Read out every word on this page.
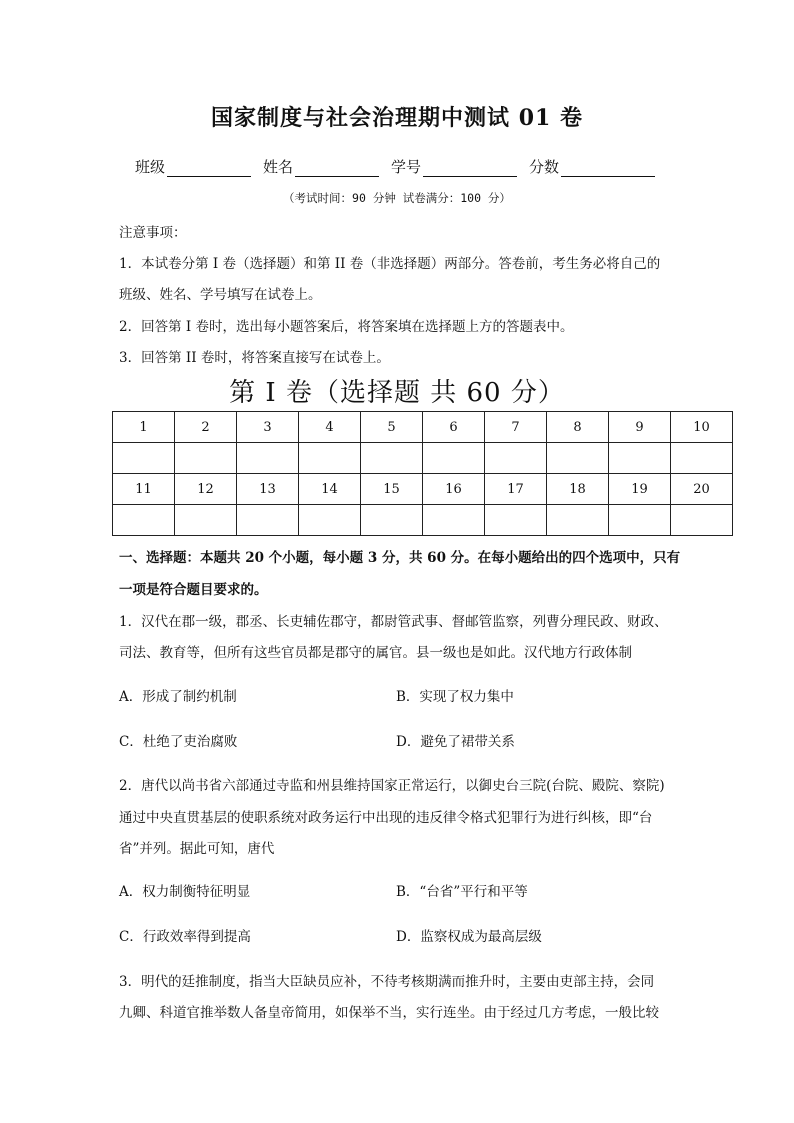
国家制度与社会治理期中测试 01 卷
班级	姓名	学号	分数
（考试时间：90 分钟 试卷满分：100 分）
注意事项：
1．本试卷分第 I 卷（选择题）和第 II 卷（非选择题）两部分。答卷前，考生务必将自己的
班级、姓名、学号填写在试卷上。
2．回答第 I 卷时，选出每小题答案后，将答案填在选择题上方的答题表中。
3．回答第 II 卷时，将答案直接写在试卷上。
第 I 卷（选择题 共 60 分）
1	2	3	4	5	6	7	8	9	10

11	12	13	14	15	16	17	18	19	20

一、选择题：本题共 20 个小题，每小题 3 分，共 60 分。在每小题给出的四个选项中，只有
一项是符合题目要求的。
1．汉代在郡一级，郡丞、长吏辅佐郡守，都尉管武事、督邮管监察，列曹分理民政、财政、
司法、教育等，但所有这些官员都是郡守的属官。县一级也是如此。汉代地方行政体制
A．形成了制约机制	B．实现了权力集中
C．杜绝了吏治腐败	D．避免了裙带关系
2．唐代以尚书省六部通过寺监和州县维持国家正常运行，以御史台三院(台院、殿院、察院)
通过中央直贯基层的使职系统对政务运行中出现的违反律令格式犯罪行为进行纠核，即“台
省”并列。据此可知，唐代
A．权力制衡特征明显	B．“台省”平行和平等
C．行政效率得到提高	D．监察权成为最高层级
3．明代的廷推制度，指当大臣缺员应补，不待考核期满而推升时，主要由吏部主持，会同
九卿、科道官推举数人备皇帝简用，如保举不当，实行连坐。由于经过几方考虑，一般比较
